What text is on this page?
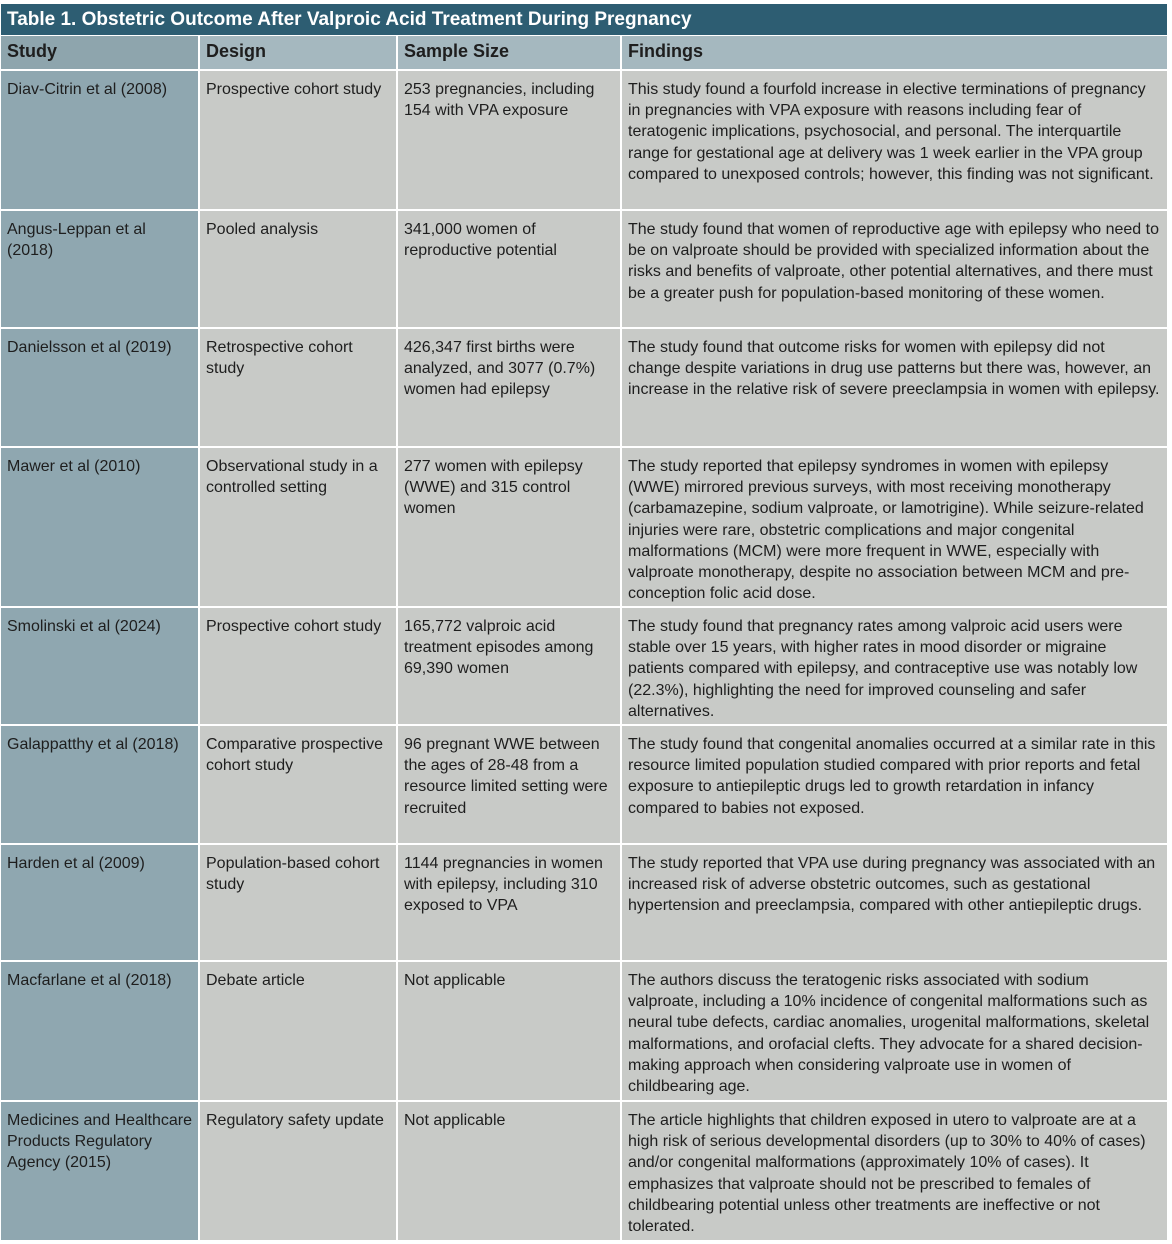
Table 1. Obstetric Outcome After Valproic Acid Treatment During Pregnancy
Study	Design	Sample Size	Findings
Diav-Citrin et al (2008)	Prospective cohort study	253 pregnancies, including 154 with VPA exposure	This study found a fourfold increase in elective terminations of pregnancy in pregnancies with VPA exposure with reasons including fear of teratogenic implications, psychosocial, and personal. The interquartile range for gestational age at delivery was 1 week earlier in the VPA group compared to unexposed controls; however, this finding was not significant.
Angus-Leppan et al (2018)	Pooled analysis	341,000 women of reproductive potential	The study found that women of reproductive age with epilepsy who need to be on valproate should be provided with specialized information about the risks and benefits of valproate, other potential alternatives, and there must be a greater push for population-based monitoring of these women.
Danielsson et al (2019)	Retrospective cohort study	426,347 first births were analyzed, and 3077 (0.7%) women had epilepsy	The study found that outcome risks for women with epilepsy did not change despite variations in drug use patterns but there was, however, an increase in the relative risk of severe preeclampsia in women with epilepsy.
Mawer et al (2010)	Observational study in a controlled setting	277 women with epilepsy (WWE) and 315 control women	The study reported that epilepsy syndromes in women with epilepsy (WWE) mirrored previous surveys, with most receiving monotherapy (carbamazepine, sodium valproate, or lamotrigine). While seizure-related injuries were rare, obstetric complications and major congenital malformations (MCM) were more frequent in WWE, especially with valproate monotherapy, despite no association between MCM and pre-conception folic acid dose.
Smolinski et al (2024)	Prospective cohort study	165,772 valproic acid treatment episodes among 69,390 women	The study found that pregnancy rates among valproic acid users were stable over 15 years, with higher rates in mood disorder or migraine patients compared with epilepsy, and contraceptive use was notably low (22.3%), highlighting the need for improved counseling and safer alternatives.
Galappatthy et al (2018)	Comparative prospective cohort study	96 pregnant WWE between the ages of 28-48 from a resource limited setting were recruited	The study found that congenital anomalies occurred at a similar rate in this resource limited population studied compared with prior reports and fetal exposure to antiepileptic drugs led to growth retardation in infancy compared to babies not exposed.
Harden et al (2009)	Population-based cohort study	1144 pregnancies in women with epilepsy, including 310 exposed to VPA	The study reported that VPA use during pregnancy was associated with an increased risk of adverse obstetric outcomes, such as gestational hypertension and preeclampsia, compared with other antiepileptic drugs.
Macfarlane et al (2018)	Debate article	Not applicable	The authors discuss the teratogenic risks associated with sodium valproate, including a 10% incidence of congenital malformations such as neural tube defects, cardiac anomalies, urogenital malformations, skeletal malformations, and orofacial clefts. They advocate for a shared decision-making approach when considering valproate use in women of childbearing age.
Medicines and Healthcare Products Regulatory Agency (2015)	Regulatory safety update	Not applicable	The article highlights that children exposed in utero to valproate are at a high risk of serious developmental disorders (up to 30% to 40% of cases) and/or congenital malformations (approximately 10% of cases). It emphasizes that valproate should not be prescribed to females of childbearing potential unless other treatments are ineffective or not tolerated.
